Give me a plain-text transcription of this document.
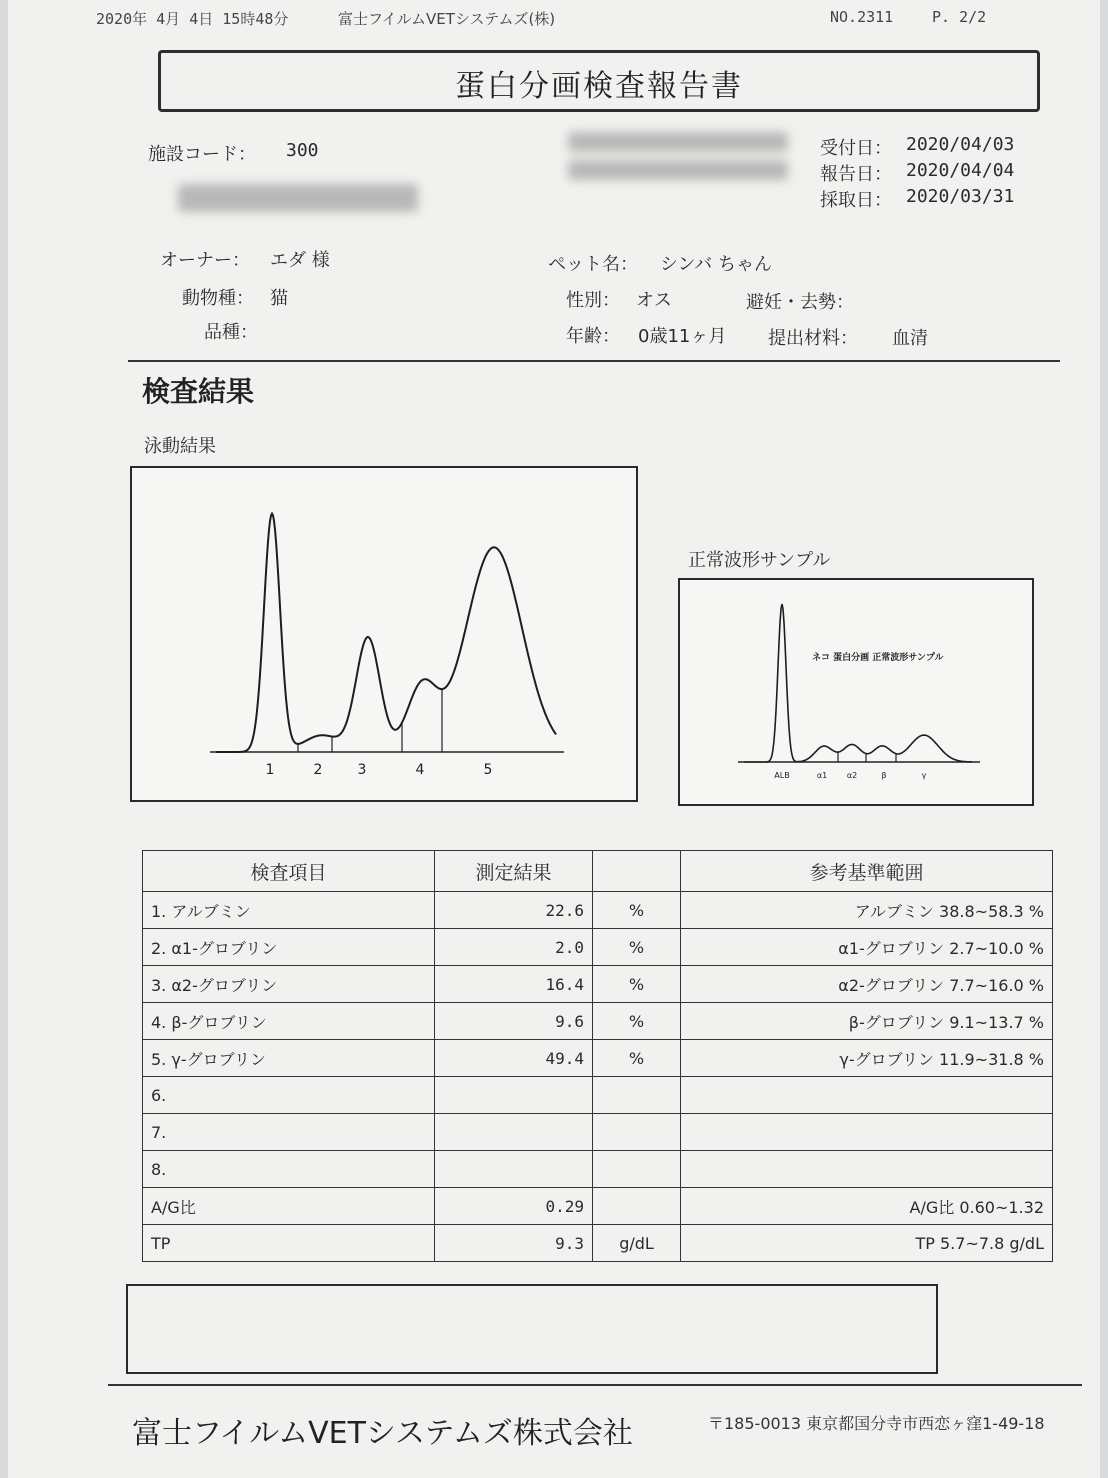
2020年 4月 4日 15時48分	富士フイルムVETシステムズ(株)	NO.2311	P. 2/2
蛋白分画検査報告書
施設コード： 300	受付日： 2020/04/03
報告日： 2020/04/04
採取日： 2020/03/31
オーナー： エダ 様
動物種： 猫
品種：
ペット名： シンバ ちゃん
性別： オス	避妊・去勢：
年齢： 0歳11ヶ月 提出材料： 血清
検査結果
泳動結果
正常波形サンプル
1	2	3	4	5	ALB	α1 α2	β	γ
ネコ 蛋白分画 正常波形サンプル
検査項目	測定結果		参考基準範囲
1. アルブミン	22.6	%	アルブミン 38.8~58.3 %
2. α1-グロブリン	2.0	%	α1-グロブリン 2.7~10.0 %
3. α2-グロブリン	16.4	%	α2-グロブリン 7.7~16.0 %
4. β-グロブリン	9.6	%	β-グロブリン 9.1~13.7 %
5. γ-グロブリン	49.4	%	γ-グロブリン 11.9~31.8 %
6.			
7.			
8.			
A/G比	0.29		A/G比 0.60~1.32
TP	9.3	g/dL	TP 5.7~7.8 g/dL
富士フイルムVETシステムズ株式会社	〒185-0013 東京都国分寺市西恋ヶ窪1-49-18
